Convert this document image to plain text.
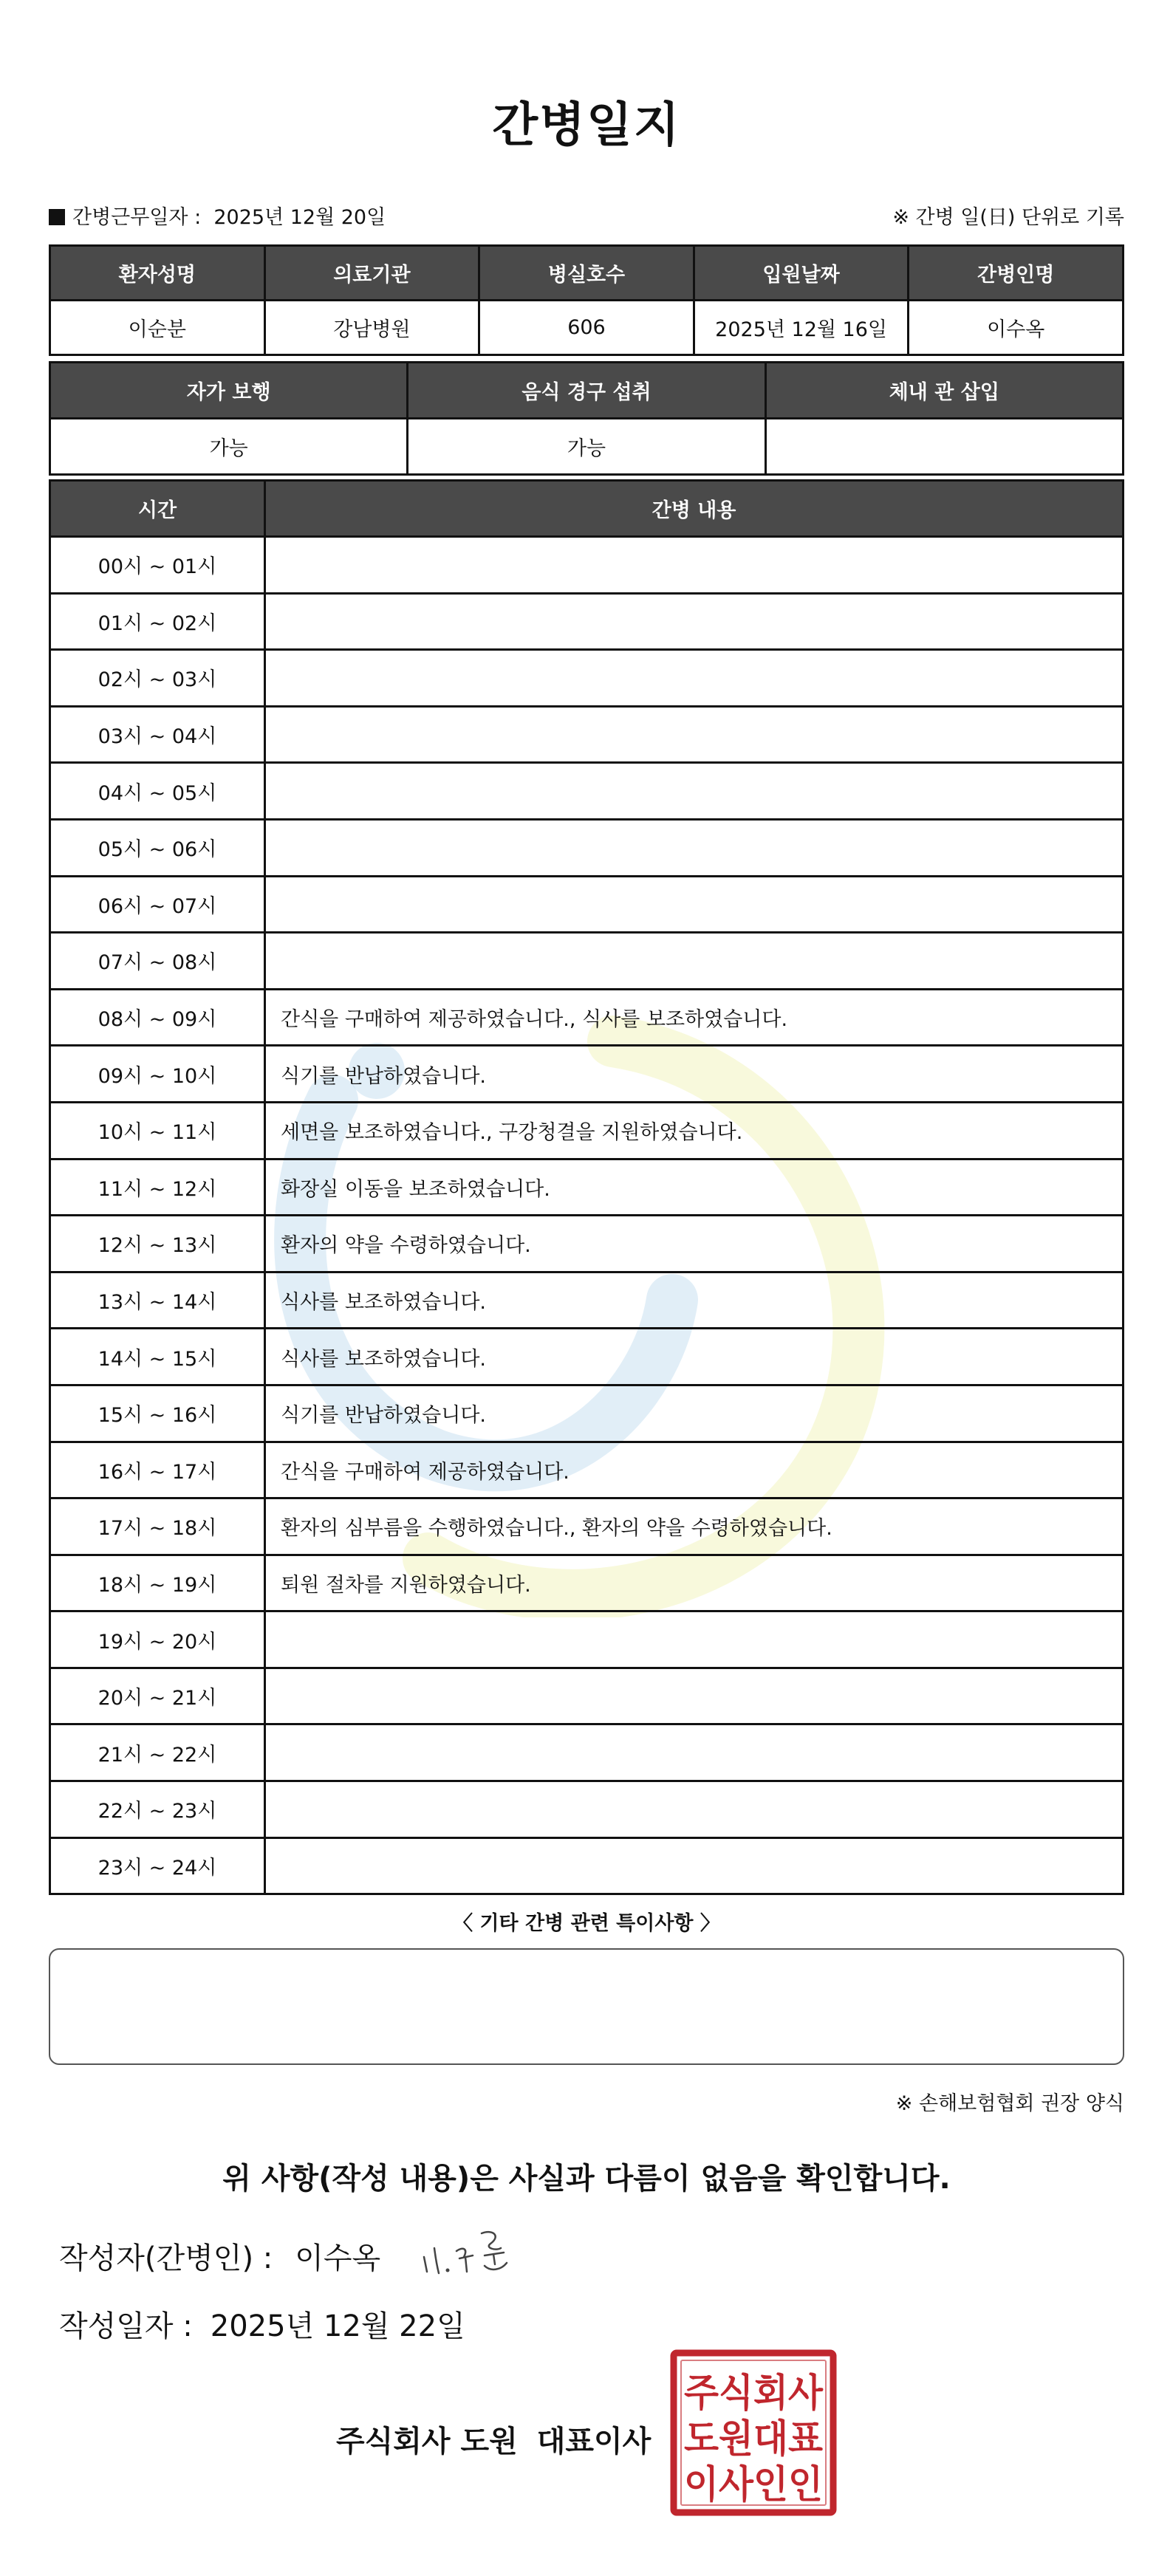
간병일지
간병근무일자 : 2025년 12월 20일	※ 간병 일(日) 단위로 기록
환자성명	의료기관	병실호수	입원날짜	간병인명
이순분	강남병원	606	2025년 12월 16일	이수옥
자가 보행	음식 경구 섭취	체내 관 삽입
가능	가능	
시간	간병 내용
00시 ~ 01시	
01시 ~ 02시	
02시 ~ 03시	
03시 ~ 04시	
04시 ~ 05시	
05시 ~ 06시	
06시 ~ 07시	
07시 ~ 08시	
08시 ~ 09시	간식을 구매하여 제공하였습니다., 식사를 보조하였습니다.
09시 ~ 10시	식기를 반납하였습니다.
10시 ~ 11시	세면을 보조하였습니다., 구강청결을 지원하였습니다.
11시 ~ 12시	화장실 이동을 보조하였습니다.
12시 ~ 13시	환자의 약을 수령하였습니다.
13시 ~ 14시	식사를 보조하였습니다.
14시 ~ 15시	식사를 보조하였습니다.
15시 ~ 16시	식기를 반납하였습니다.
16시 ~ 17시	간식을 구매하여 제공하였습니다.
17시 ~ 18시	환자의 심부름을 수행하였습니다., 환자의 약을 수령하였습니다.
18시 ~ 19시	퇴원 절차를 지원하였습니다.
19시 ~ 20시	
20시 ~ 21시	
21시 ~ 22시	
22시 ~ 23시	
23시 ~ 24시	
〈 기타 간병 관련 특이사항 〉
※ 손해보험협회 권장 양식
위 사항(작성 내용)은 사실과 다름이 없음을 확인합니다.
작성자(간병인) : 이수옥
작성일자 : 2025년 12월 22일
주식회사 도원 대표이사
주식회사
도원대표
이사인인
